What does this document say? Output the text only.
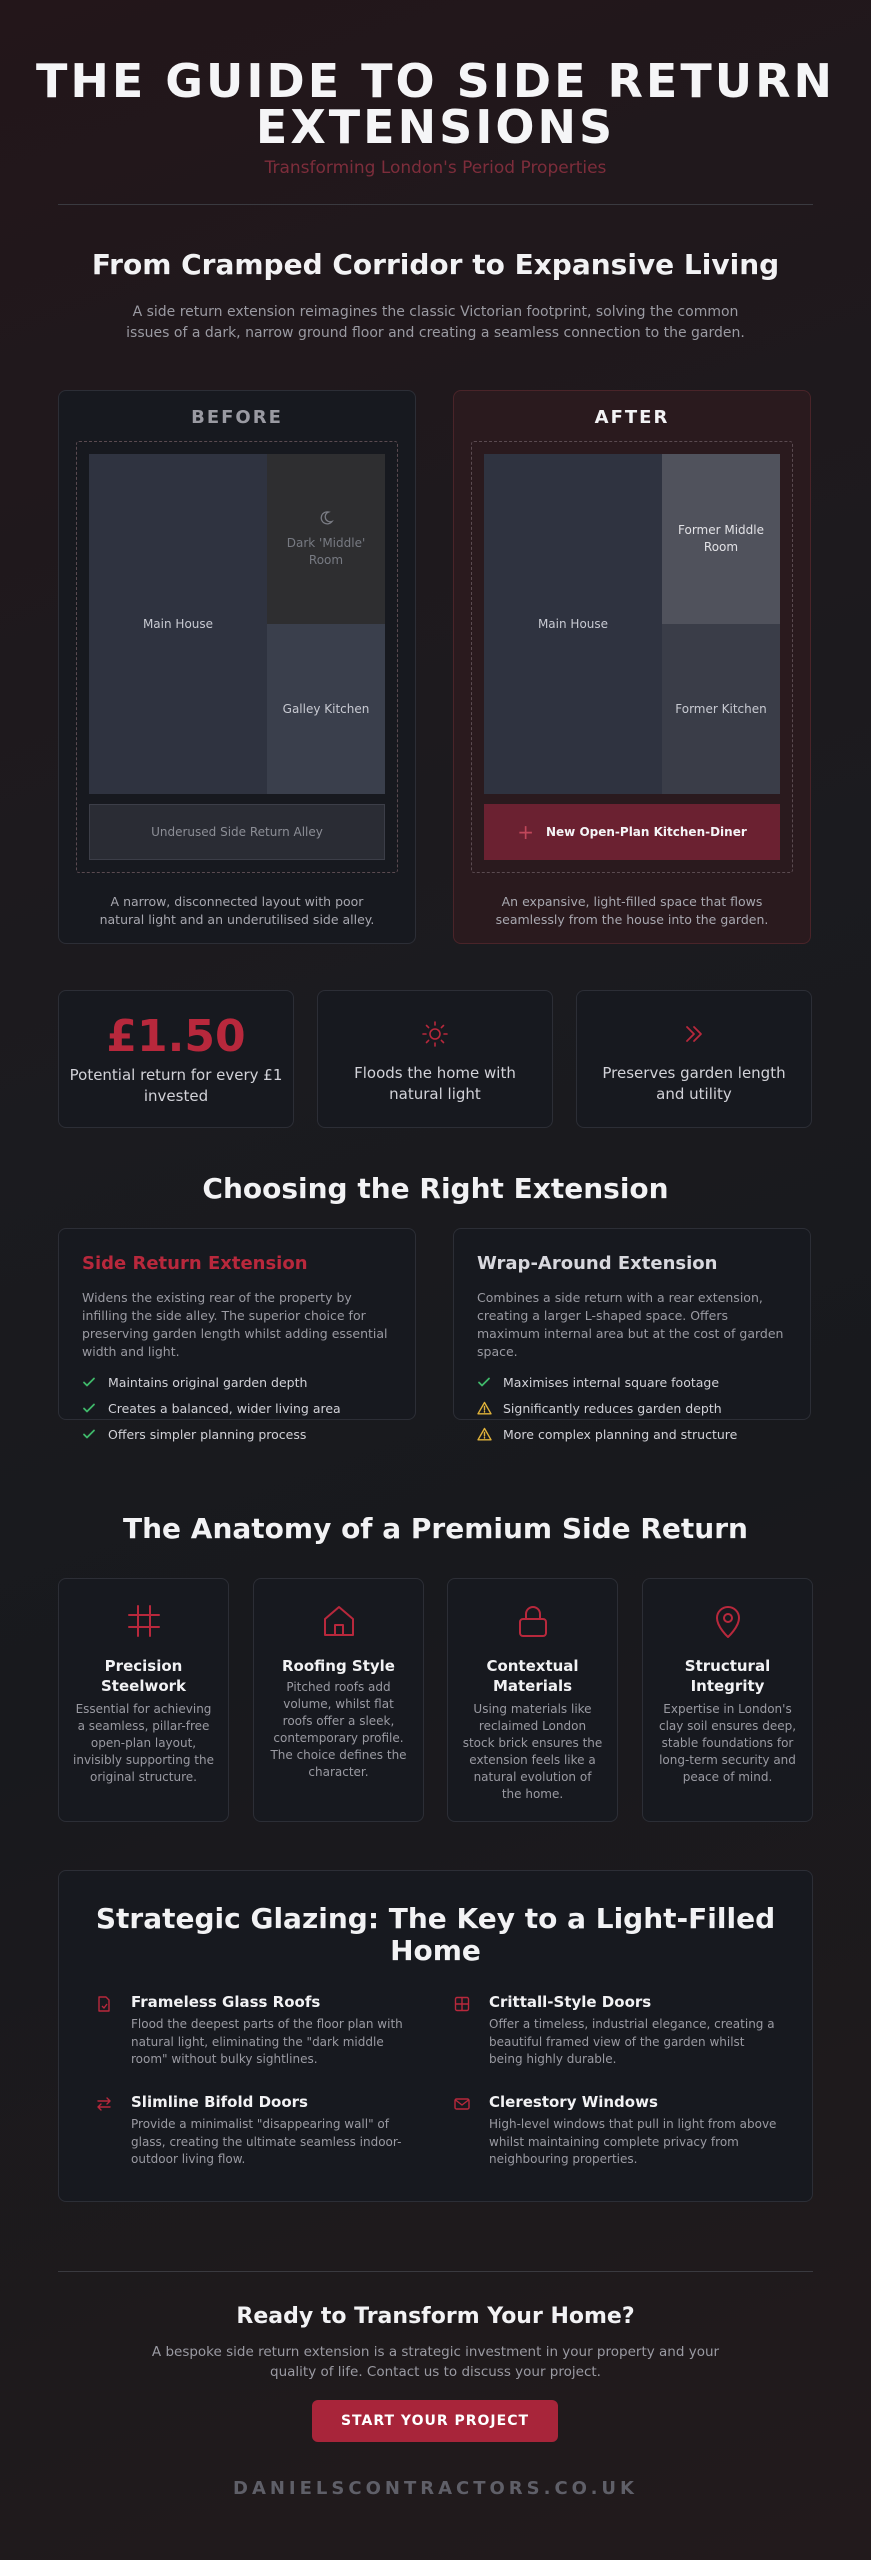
THE GUIDE TO SIDE RETURN EXTENSIONS
Transforming London's Period Properties
From Cramped Corridor to Expansive Living
A side return extension reimagines the classic Victorian footprint, solving the common issues of a dark, narrow ground floor and creating a seamless connection to the garden.
BEFORE
Main House
Dark 'Middle' Room
Galley Kitchen
Underused Side Return Alley
A narrow, disconnected layout with poor natural light and an underutilised side alley.
AFTER
Main House
Former Middle Room
Former Kitchen
+ New Open-Plan Kitchen-Diner
An expansive, light-filled space that flows seamlessly from the house into the garden.
£1.50
Potential return for every £1 invested
Floods the home with natural light
Preserves garden length and utility
Choosing the Right Extension
Side Return Extension
Widens the existing rear of the property by infilling the side alley. The superior choice for preserving garden length whilst adding essential width and light.
Maintains original garden depth
Creates a balanced, wider living area
Offers simpler planning process
Wrap-Around Extension
Combines a side return with a rear extension, creating a larger L-shaped space. Offers maximum internal area but at the cost of garden space.
Maximises internal square footage
Significantly reduces garden depth
More complex planning and structure
The Anatomy of a Premium Side Return
Precision Steelwork
Essential for achieving a seamless, pillar-free open-plan layout, invisibly supporting the original structure.
Roofing Style
Pitched roofs add volume, whilst flat roofs offer a sleek, contemporary profile. The choice defines the character.
Contextual Materials
Using materials like reclaimed London stock brick ensures the extension feels like a natural evolution of the home.
Structural Integrity
Expertise in London's clay soil ensures deep, stable foundations for long-term security and peace of mind.
Strategic Glazing: The Key to a Light-Filled Home
Frameless Glass Roofs
Flood the deepest parts of the floor plan with natural light, eliminating the "dark middle room" without bulky sightlines.
Crittall-Style Doors
Offer a timeless, industrial elegance, creating a beautiful framed view of the garden whilst being highly durable.
Slimline Bifold Doors
Provide a minimalist "disappearing wall" of glass, creating the ultimate seamless indoor-outdoor living flow.
Clerestory Windows
High-level windows that pull in light from above whilst maintaining complete privacy from neighbouring properties.
Ready to Transform Your Home?
A bespoke side return extension is a strategic investment in your property and your quality of life. Contact us to discuss your project.
START YOUR PROJECT
DANIELSCONTRACTORS.CO.UK
